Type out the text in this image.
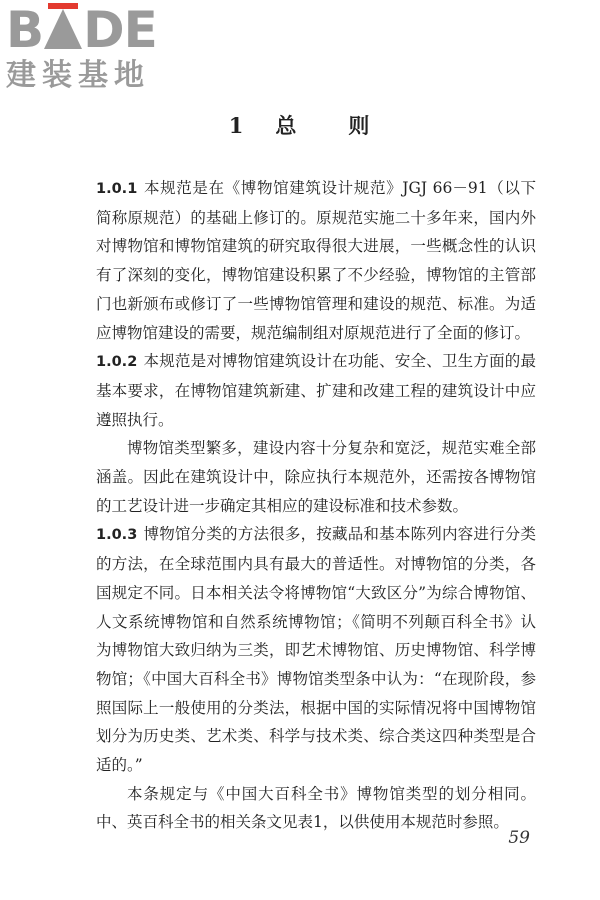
B DE
建装基地
1 总 则

1.0.1 本规范是在《博物馆建筑设计规范》JGJ 66－91（以下简称原规范）的基础上修订的。原规范实施二十多年来，国内外对博物馆和博物馆建筑的研究取得很大进展，一些概念性的认识有了深刻的变化，博物馆建设积累了不少经验，博物馆的主管部门也新颁布或修订了一些博物馆管理和建设的规范、标准。为适应博物馆建设的需要，规范编制组对原规范进行了全面的修订。

1.0.2 本规范是对博物馆建筑设计在功能、安全、卫生方面的最基本要求，在博物馆建筑新建、扩建和改建工程的建筑设计中应遵照执行。

博物馆类型繁多，建设内容十分复杂和宽泛，规范实难全部涵盖。因此在建筑设计中，除应执行本规范外，还需按各博物馆的工艺设计进一步确定其相应的建设标准和技术参数。

1.0.3 博物馆分类的方法很多，按藏品和基本陈列内容进行分类的方法，在全球范围内具有最大的普适性。对博物馆的分类，各国规定不同。日本相关法令将博物馆“大致区分”为综合博物馆、人文系统博物馆和自然系统博物馆；《简明不列颠百科全书》认为博物馆大致归纳为三类，即艺术博物馆、历史博物馆、科学博物馆；《中国大百科全书》博物馆类型条中认为：“在现阶段，参照国际上一般使用的分类法，根据中国的实际情况将中国博物馆划分为历史类、艺术类、科学与技术类、综合类这四种类型是合适的。”

本条规定与《中国大百科全书》博物馆类型的划分相同。中、英百科全书的相关条文见表1，以供使用本规范时参照。

59
